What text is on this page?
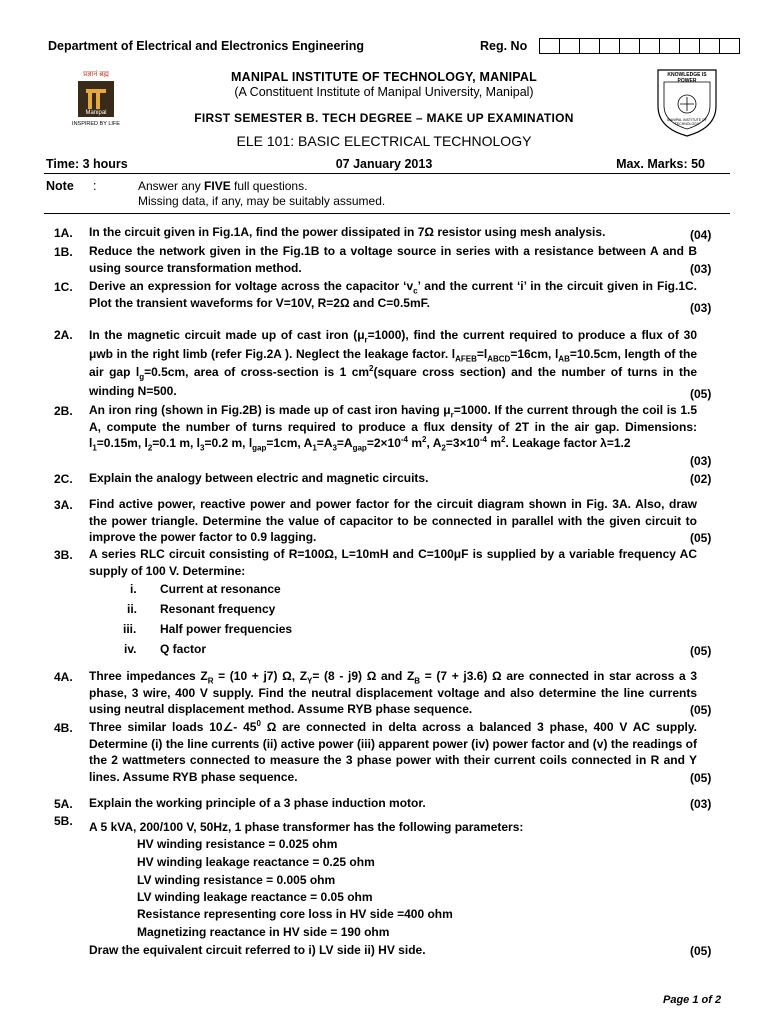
Department of Electrical and Electronics Engineering	Reg. No
प्रज्ञानं ब्रह्म
Manipal
INSPIRED BY LIFE
KNOWLEDGE IS POWER
MANIPAL INSTITUTE OF TECHNOLOGY
MANIPAL INSTITUTE OF TECHNOLOGY, MANIPAL
(A Constituent Institute of Manipal University, Manipal)
FIRST SEMESTER B. TECH DEGREE – MAKE UP EXAMINATION
ELE 101: BASIC ELECTRICAL TECHNOLOGY
Time: 3 hours	07 January 2013	Max. Marks: 50
Note :	Answer any FIVE full questions.
Missing data, if any, may be suitably assumed.
1A. In the circuit given in Fig.1A, find the power dissipated in 7Ω resistor using mesh analysis.	(04)
1B. Reduce the network given in the Fig.1B to a voltage source in series with a resistance between A and B using source transformation method.	(03)
1C. Derive an expression for voltage across the capacitor ‘$v_c$’ and the current ‘i’ in the circuit given in Fig.1C. Plot the transient waveforms for V=10V, R=2Ω and C=0.5mF.	(03)
2A. In the magnetic circuit made up of cast iron $(\mu_r=1000)$, find the current required to produce a flux of 30 μwb in the right limb (refer Fig.2A ). Neglect the leakage factor. $l_{AFEB}=l_{ABCD}=16cm$, $l_{AB}=10.5cm$, length of the air gap $l_g=0.5cm$, area of cross-section is 1 $cm^2(square$ cross section) and the number of turns in the winding N=500.	(05)
2B. An iron ring (shown in Fig.2B) is made up of cast iron having $\mu_r=1000$. If the current through the coil is 1.5 A, compute the number of turns required to produce a flux density of 2T in the air gap. Dimensions: $l_1=0.15m$, $l_2=0.1$ m, $l_3=0.2$ m, $l_{gap}=1cm$, $A_1=A_3=A_{gap}=2\times 10^{-4}$ $m^2$, $A_2=3\times 10^{-4}$ $m^2$. Leakage factor λ=1.2
(03)
2C. Explain the analogy between electric and magnetic circuits.	(02)
3A. Find active power, reactive power and power factor for the circuit diagram shown in Fig. 3A. Also, draw the power triangle. Determine the value of capacitor to be connected in parallel with the given circuit to improve the power factor to 0.9 lagging.	(05)
3B. A series RLC circuit consisting of R=100Ω, L=10mH and C=100μF is supplied by a variable frequency AC supply of 100 V. Determine:
i. Current at resonance
ii. Resonant frequency
iii. Half power frequencies
iv. Q factor	(05)
4A. Three impedances $Z_R = (10 + j7)$ Ω, $Z_Y= (8 - j9)$ Ω and $Z_B = (7 + j3.6)$ Ω are connected in star across a 3 phase, 3 wire, 400 V supply. Find the neutral displacement voltage and also determine the line currents using neutral displacement method. Assume RYB phase sequence.	(05)
4B. Three similar loads 10∠- $45^0$ Ω are connected in delta across a balanced 3 phase, 400 V AC supply. Determine (i) the line currents (ii) active power (iii) apparent power (iv) power factor and (v) the readings of the 2 wattmeters connected to measure the 3 phase power with their current coils connected in R and Y lines. Assume RYB phase sequence.	(05)
5A. Explain the working principle of a 3 phase induction motor.	(03)
5B. A 5 kVA, 200/100 V, 50Hz, 1 phase transformer has the following parameters:
HV winding resistance = 0.025 ohm
HV winding leakage reactance = 0.25 ohm
LV winding resistance = 0.005 ohm
LV winding leakage reactance = 0.05 ohm
Resistance representing core loss in HV side =400 ohm
Magnetizing reactance in HV side = 190 ohm
Draw the equivalent circuit referred to i) LV side ii) HV side.	(05)
Page 1 of 2
